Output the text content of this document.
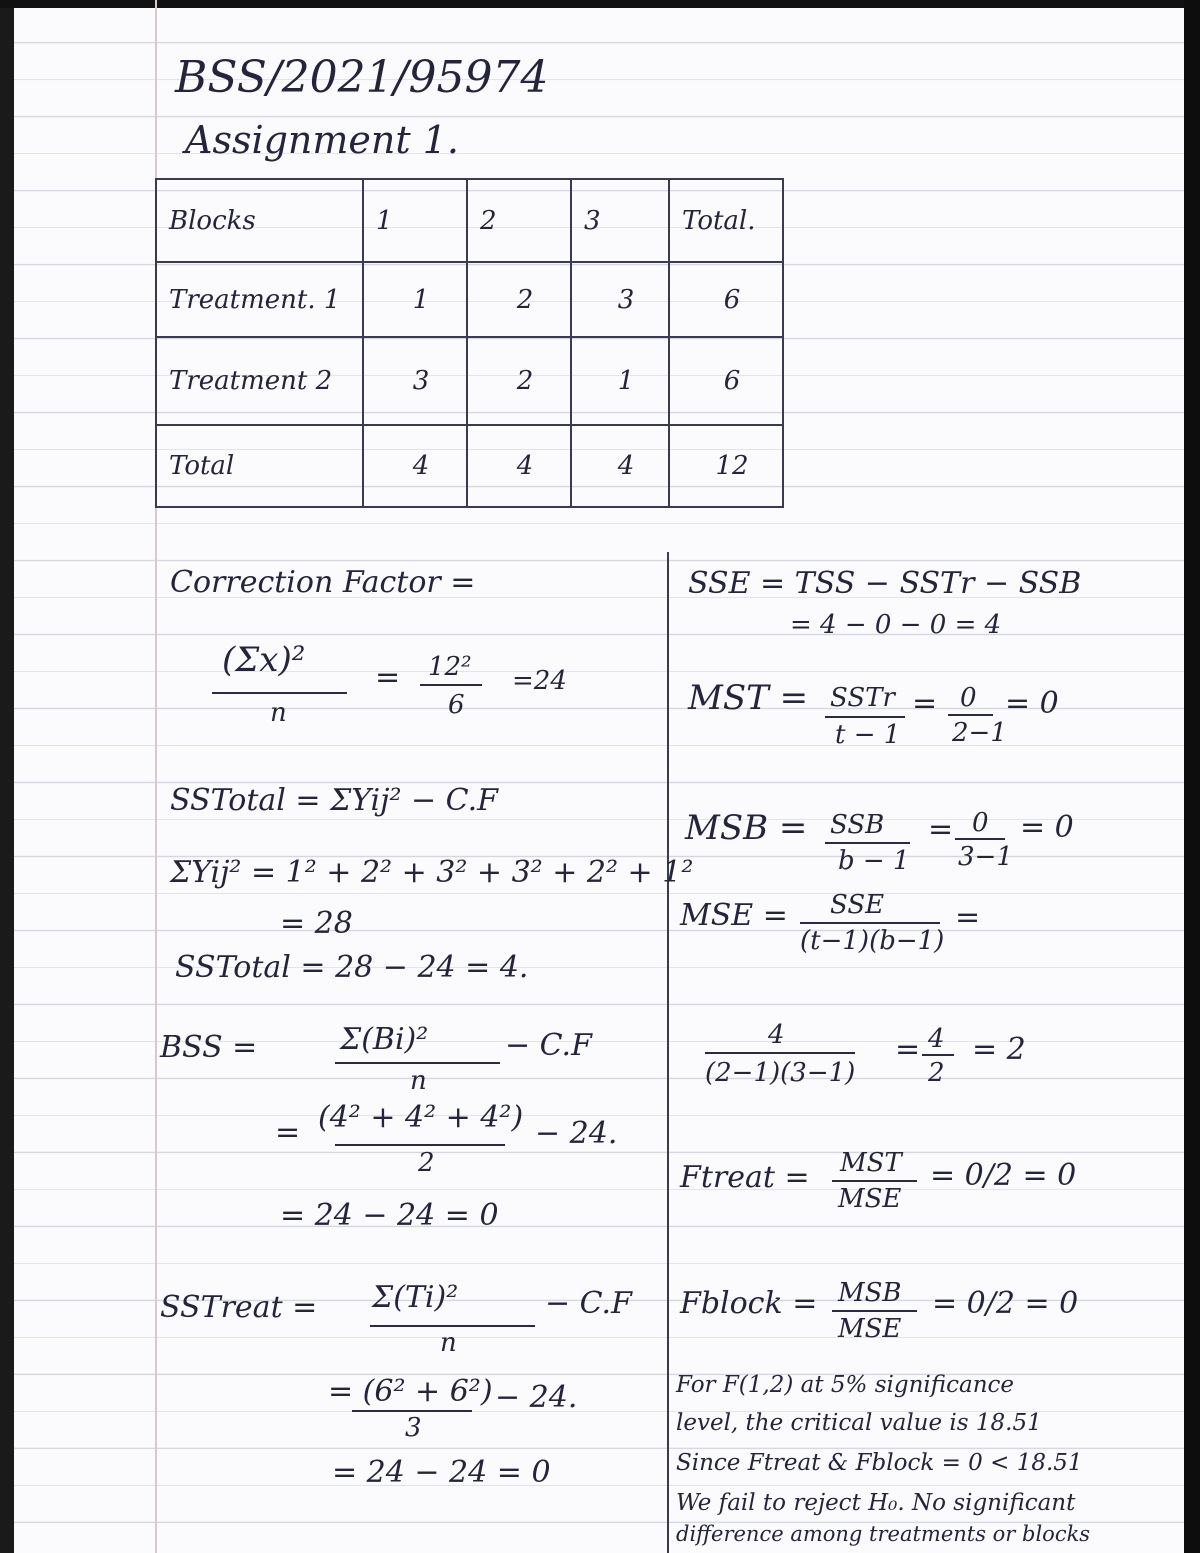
BSS/2021/95974
Assignment 1.
Blocks	1	2	3	Total.
Treatment. 1	1	2	3	6
Treatment 2	3	2	1	6
Total	4	4	4	12
Correction Factor =
(Σx)²
n
= 12²
6
=24
SSTotal = ΣYij² − C.F
ΣYij² = 1² + 2² + 3² + 3² + 2² + 1²
= 28
SSTotal = 28 − 24 = 4.
BSS =	Σ(Bi)²
n
− C.F
= (4² + 4² + 4²)
2
− 24.
= 24 − 24 = 0
SSTreat = Σ(Ti)²
n
− C.F
= (6² + 6²)
3
− 24.
= 24 − 24 = 0
SSE = TSS − SSTr − SSB
= 4 − 0 − 0 = 4
MST = SSTr
t − 1
= 0
2−1
= 0
MSB = SSB
b − 1
= 0
3−1
= 0
MSE = SSE
(t−1)(b−1)
=
4
(2−1)(3−1)
= 4
2
= 2
Ftreat = MST
MSE
= 0/2 = 0
Fblock = MSB
MSE
= 0/2 = 0
For F(1,2) at 5% significance
level, the critical value is 18.51
Since Ftreat & Fblock = 0 < 18.51
We fail to reject H₀. No significant
difference among treatments or blocks
